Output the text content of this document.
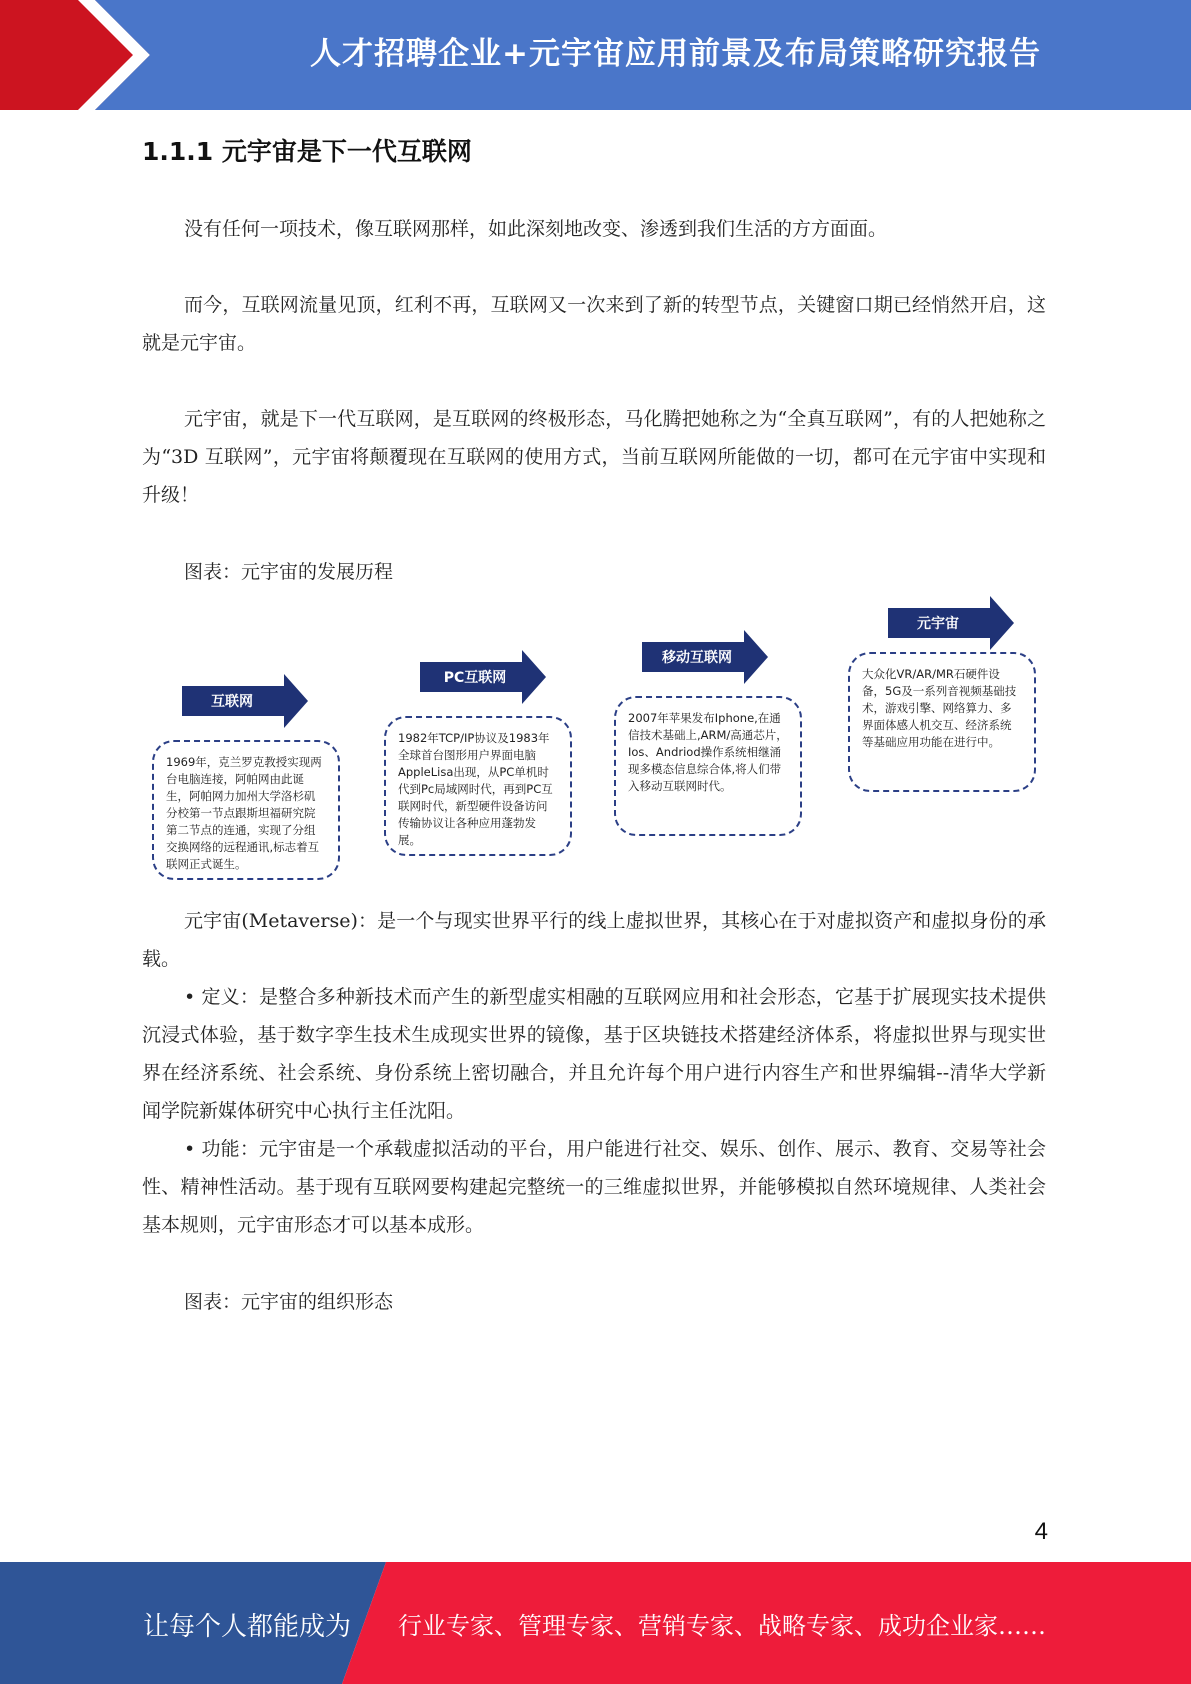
人才招聘企业+元宇宙应用前景及布局策略研究报告
1.1.1 元宇宙是下一代互联网

没有任何一项技术，像互联网那样，如此深刻地改变、渗透到我们生活的方方面面。

而今，互联网流量见顶，红利不再，互联网又一次来到了新的转型节点，关键窗口期已经悄然开启，这就是元宇宙。

元宇宙，就是下一代互联网，是互联网的终极形态，马化腾把她称之为“全真互联网”，有的人把她称之为“3D 互联网”，元宇宙将颠覆现在互联网的使用方式，当前互联网所能做的一切，都可在元宇宙中实现和升级！

图表：元宇宙的发展历程
互联网
PC互联网
移动互联网
元宇宙
1969年，克兰罗克教授实现两台电脑连接，阿帕网由此诞生，阿帕网力加州大学洛杉矶分校第一节点跟斯坦福研究院第二节点的连通，实现了分组交换网络的远程通讯,标志着互联网正式诞生。
1982年TCP/IP协议及1983年全球首台图形用户界面电脑AppleLisa出现，从PC单机时代到Pc局域网时代，再到PC互联网时代，新型硬件设备访问传输协议让各种应用蓬勃发展。
2007年苹果发布Iphone,在通信技术基础上,ARM/高通芯片，Ios、Andriod操作系统相继涌现多模态信息综合体,将人们带入移动互联网时代。
大众化VR/AR/MR石硬件设备，5G及一系列音视频基础技术，游戏引擎、网络算力、多界面体感人机交互、经济系统等基础应用功能在进行中。

元宇宙(Metaverse)：是一个与现实世界平行的线上虚拟世界，其核心在于对虚拟资产和虚拟身份的承载。

• 定义：是整合多种新技术而产生的新型虚实相融的互联网应用和社会形态，它基于扩展现实技术提供沉浸式体验，基于数字孪生技术生成现实世界的镜像，基于区块链技术搭建经济体系，将虚拟世界与现实世界在经济系统、社会系统、身份系统上密切融合，并且允许每个用户进行内容生产和世界编辑--清华大学新闻学院新媒体研究中心执行主任沈阳。

• 功能：元宇宙是一个承载虚拟活动的平台，用户能进行社交、娱乐、创作、展示、教育、交易等社会性、精神性活动。基于现有互联网要构建起完整统一的三维虚拟世界，并能够模拟自然环境规律、人类社会基本规则，元宇宙形态才可以基本成形。

图表：元宇宙的组织形态
4
让每个人都能成为 行业专家、管理专家、营销专家、战略专家、成功企业家……
